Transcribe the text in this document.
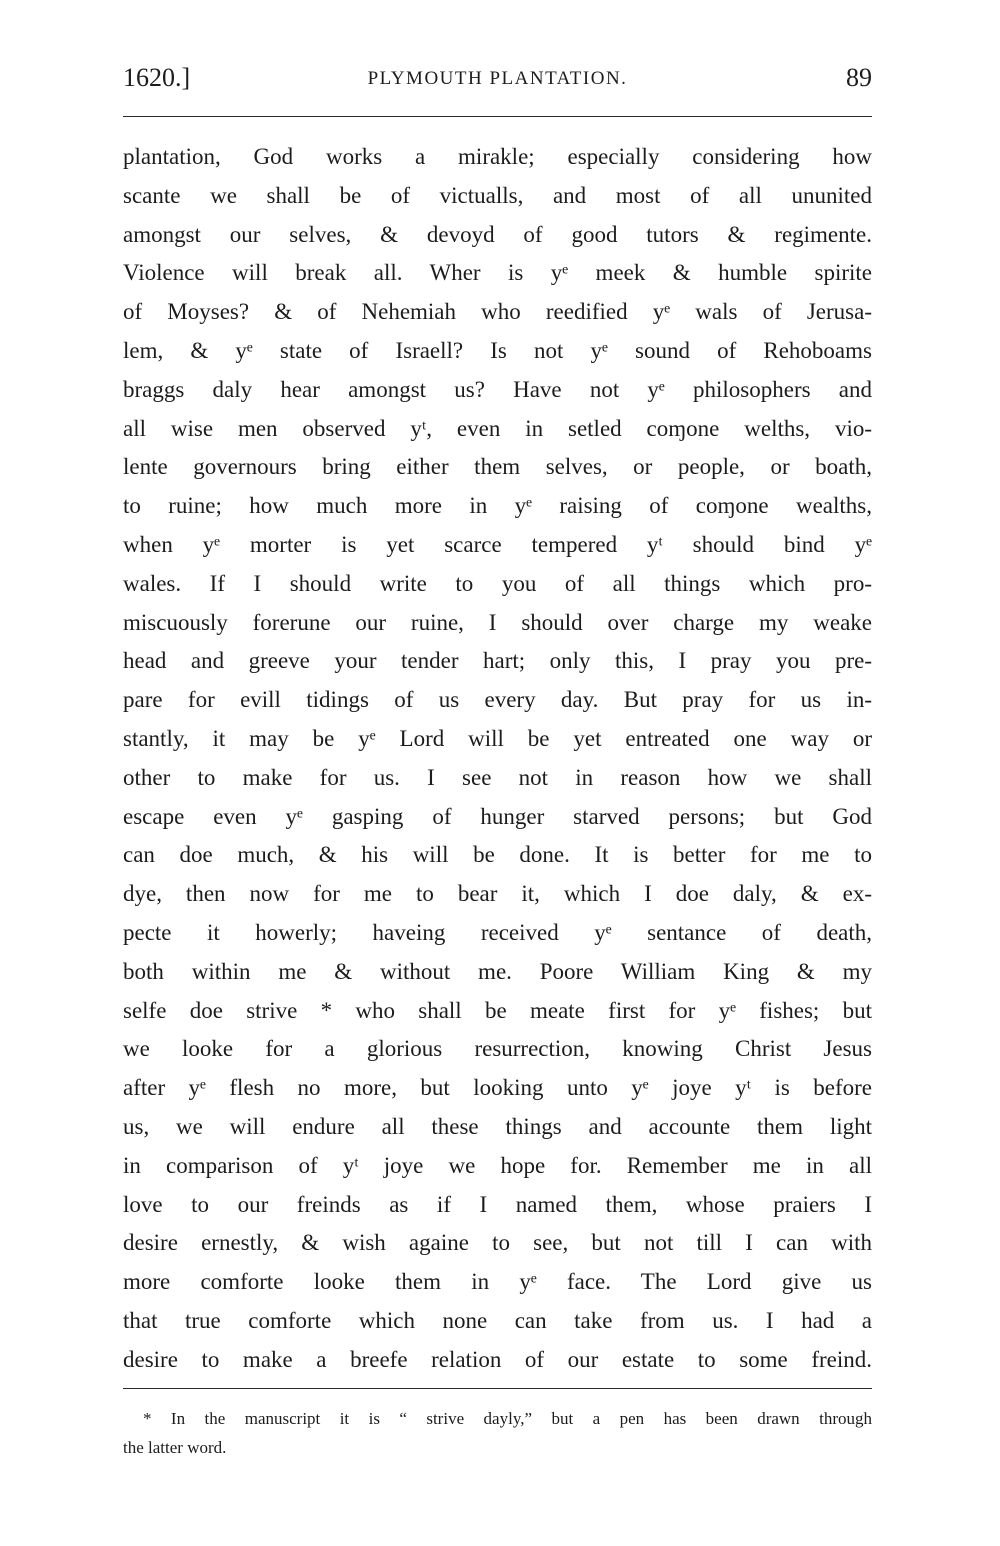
1620.]	PLYMOUTH PLANTATION.	89
plantation, God works a mirakle; especially considering how
scante we shall be of victualls, and most of all ununited
amongst our selves, & devoyd of good tutors & regimente.
Violence will break all. Wher is yᵉ meek & humble spirite
of Moyses? & of Nehemiah who reedified yᵉ wals of Jerusa-
lem, & yᵉ state of Israell? Is not yᵉ sound of Rehoboams
braggs daly hear amongst us? Have not yᵉ philosophers and
all wise men observed yᵗ, even in setled coɱone welths, vio-
lente governours bring either them selves, or people, or boath,
to ruine; how much more in yᵉ raising of coɱone wealths,
when yᵉ morter is yet scarce tempered yᵗ should bind yᵉ
wales. If I should write to you of all things which pro-
miscuously forerune our ruine, I should over charge my weake
head and greeve your tender hart; only this, I pray you pre-
pare for evill tidings of us every day. But pray for us in-
stantly, it may be yᵉ Lord will be yet entreated one way or
other to make for us. I see not in reason how we shall
escape even yᵉ gasping of hunger starved persons; but God
can doe much, & his will be done. It is better for me to
dye, then now for me to bear it, which I doe daly, & ex-
pecte it howerly; haveing received yᵉ sentance of death,
both within me & without me. Poore William King & my
selfe doe strive * who shall be meate first for yᵉ fishes; but
we looke for a glorious resurrection, knowing Christ Jesus
after yᵉ flesh no more, but looking unto yᵉ joye yᵗ is before
us, we will endure all these things and accounte them light
in comparison of yᵗ joye we hope for. Remember me in all
love to our freinds as if I named them, whose praiers I
desire ernestly, & wish againe to see, but not till I can with
more comforte looke them in yᵉ face. The Lord give us
that true comforte which none can take from us. I had a
desire to make a breefe relation of our estate to some freind.
* In the manuscript it is “ strive dayly,” but a pen has been drawn through
the latter word.
